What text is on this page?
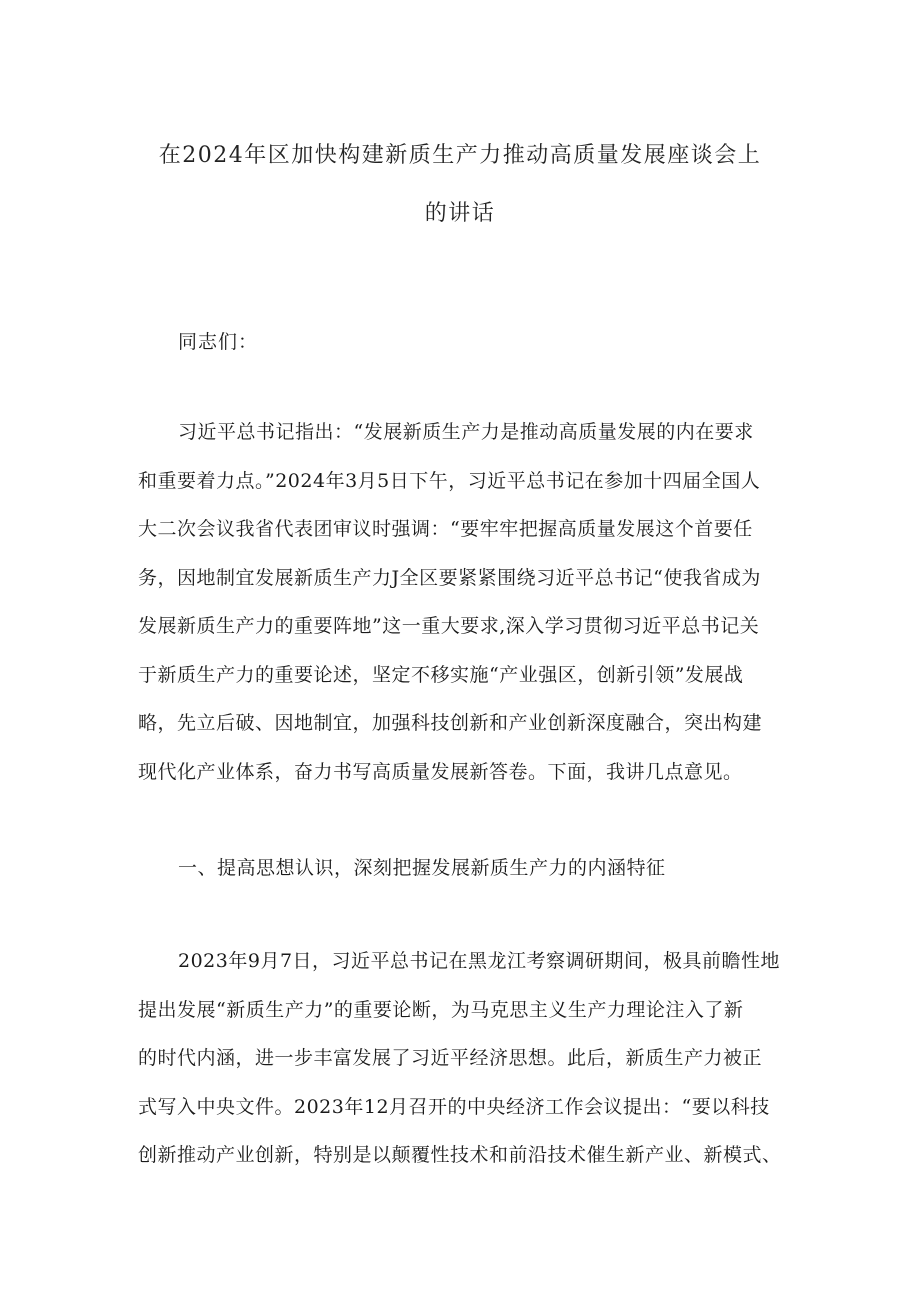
在2024年区加快构建新质生产力推动高质量发展座谈会上
的讲话
同志们：
习近平总书记指出：“发展新质生产力是推动高质量发展的内在要求
和重要着力点。”2024年3月5日下午，习近平总书记在参加十四届全国人
大二次会议我省代表团审议时强调：“要牢牢把握高质量发展这个首要任
务，因地制宜发展新质生产力J全区要紧紧围绕习近平总书记“使我省成为
发展新质生产力的重要阵地”这一重大要求,深入学习贯彻习近平总书记关
于新质生产力的重要论述，坚定不移实施“产业强区，创新引领”发展战
略，先立后破、因地制宜，加强科技创新和产业创新深度融合，突出构建
现代化产业体系，奋力书写高质量发展新答卷。下面，我讲几点意见。
一、提高思想认识，深刻把握发展新质生产力的内涵特征
2023年9月7日，习近平总书记在黑龙江考察调研期间，极具前瞻性地
提出发展“新质生产力”的重要论断，为马克思主义生产力理论注入了新
的时代内涵，进一步丰富发展了习近平经济思想。此后，新质生产力被正
式写入中央文件。2023年12月召开的中央经济工作会议提出：“要以科技
创新推动产业创新，特别是以颠覆性技术和前沿技术催生新产业、新模式、
